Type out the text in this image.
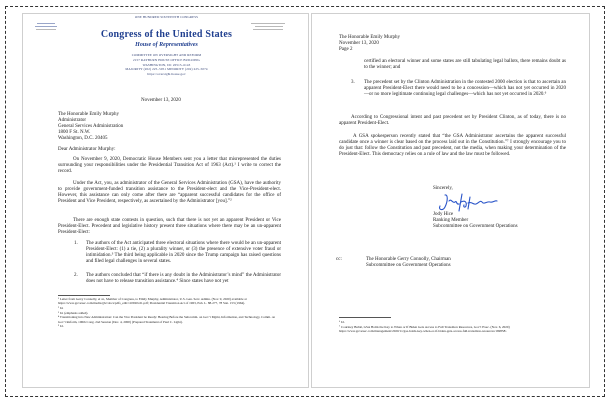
ONE HUNDRED SIXTEENTH CONGRESS
Congress of the United States
House of Representatives
COMMITTEE ON OVERSIGHT AND REFORM
2157 RAYBURN HOUSE OFFICE BUILDING
WASHINGTON, DC 20515–6143
MAJORITY (202) 225–5051 MINORITY (202) 225–5074
https://oversight.house.gov
November 13, 2020
The Honorable Emily Murphy
Administrator
General Services Administration
1800 F St. N.W.
Washington, D.C. 20405
Dear Administrator Murphy:
On November 9, 2020, Democratic House Members sent you a letter that misrepresented the duties surrounding your responsibilities under the Presidential Transition Act of 1963 (Act).¹ I write to correct the record.
Under the Act, you, as administrator of the General Services Administration (GSA), have the authority to provide government-funded transition assistance to the President-elect and the Vice-President-elect. However, this assistance can only come after there are “apparent successful candidates for the office of President and Vice President, respectively, as ascertained by the Administrator [you].”²
There are enough state contests in question, such that there is not yet an apparent President or Vice President-Elect. Precedent and legislative history present three situations where there may be an un-apparent President-Elect:
1. The authors of the Act anticipated three electoral situations where there would be an un-apparent President-Elect: (1) a tie, (2) a plurality winner, or (3) the presence of extensive voter fraud or intimidation.³ The third being applicable in 2020 since the Trump campaign has raised questions and filed legal challenges in several states.
2. The authors concluded that “if there is any doubt in the Administrator’s mind” the Administrator does not have to release transition assistance.⁴ Since states have not yet
¹ Letter from Gerry Connolly, et al., Member of Congress, to Emily Murphy, Administrator, U.S. Gen. Serv. Admin. (Nov. 9, 2020) available at https://www.govexec.com/media/gbc/docs/pdfs_edit/110920cd1.pdf; Presidential Transition Act of 1963, Pub. L. 88-277, 78 Stat. 153 (1964).
² Id.
³ Id. (emphasis added).
⁴ Transitioning into New Administration: Can the Vice President be Ready: Hearing Before the Subcomm. on Gov’t Mgmt, Information, and Technology, Comm. on Gov’t Reform, 106th Cong. 2nd Session (Dec. 4, 2000) (Prepared Statement of Paul C. Light).
⁵ Id.
The Honorable Emily Murphy
November 13, 2020
Page 2
certified an electoral winner and some states are still tabulating legal ballots, there remains doubt as to the winner; and
3. The precedent set by the Clinton Administration in the contested 2000 election is that to ascertain an apparent President-Elect there would need to be a concession—which has not yet occurred in 2020—or no more legitimate continuing legal challenges—which has not yet occurred in 2020.⁶
According to Congressional intent and past precedent set by President Clinton, as of today, there is no apparent President-Elect.
A GSA spokesperson recently stated that “the GSA Administrator ascertains the apparent successful candidate once a winner is clear based on the process laid out in the Constitution.”⁷ I strongly encourage you to do just that: follow the Constitution and past precedent, not the media, when making your determination of the President-Elect. This democracy relies on a rule of law and the law must be followed.
Sincerely,
Jody Hice
Ranking Member
Subcommittee on Government Operations
cc:	The Honorable Gerry Connolly, Chairman
Subcommittee on Government Operations
⁶ Id.
⁷ Courtney Bublé, GSA Holds the Key to When or If Biden Gets Access to Full Transition Resources, Gov’t Exec. (Nov. 6, 2020) https://www.govexec.com/management/2020/11/gsa-holds-key-when-or-if-biden-gets-access-full-transition-resources/169858/.
